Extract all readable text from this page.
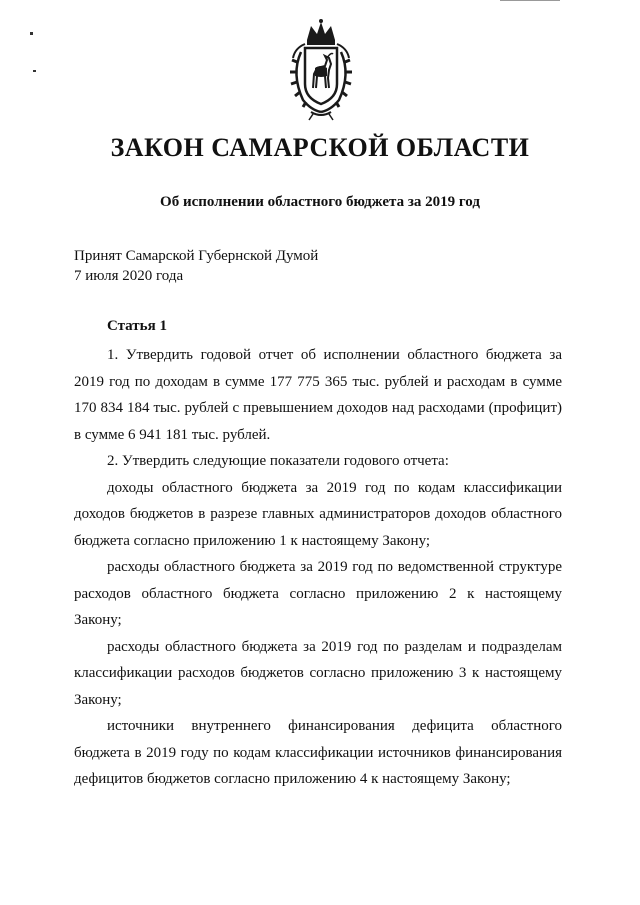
ЗАКОН САМАРСКОЙ ОБЛАСТИ
Об исполнении областного бюджета за 2019 год
Принят Самарской Губернской Думой
7 июля 2020 года
Статья 1

1. Утвердить годовой отчет об исполнении областного бюджета за 2019 год по доходам в сумме 177 775 365 тыс. рублей и расходам в сумме 170 834 184 тыс. рублей с превышением доходов над расходами (профицит) в сумме 6 941 181 тыс. рублей.

2. Утвердить следующие показатели годового отчета:

доходы областного бюджета за 2019 год по кодам классификации доходов бюджетов в разрезе главных администраторов доходов областного бюджета согласно приложению 1 к настоящему Закону;

расходы областного бюджета за 2019 год по ведомственной структуре расходов областного бюджета согласно приложению 2 к настоящему Закону;

расходы областного бюджета за 2019 год по разделам и подразделам классификации расходов бюджетов согласно приложению 3 к настоящему Закону;

источники внутреннего финансирования дефицита областного бюджета в 2019 году по кодам классификации источников финансирования дефицитов бюджетов согласно приложению 4 к настоящему Закону;
